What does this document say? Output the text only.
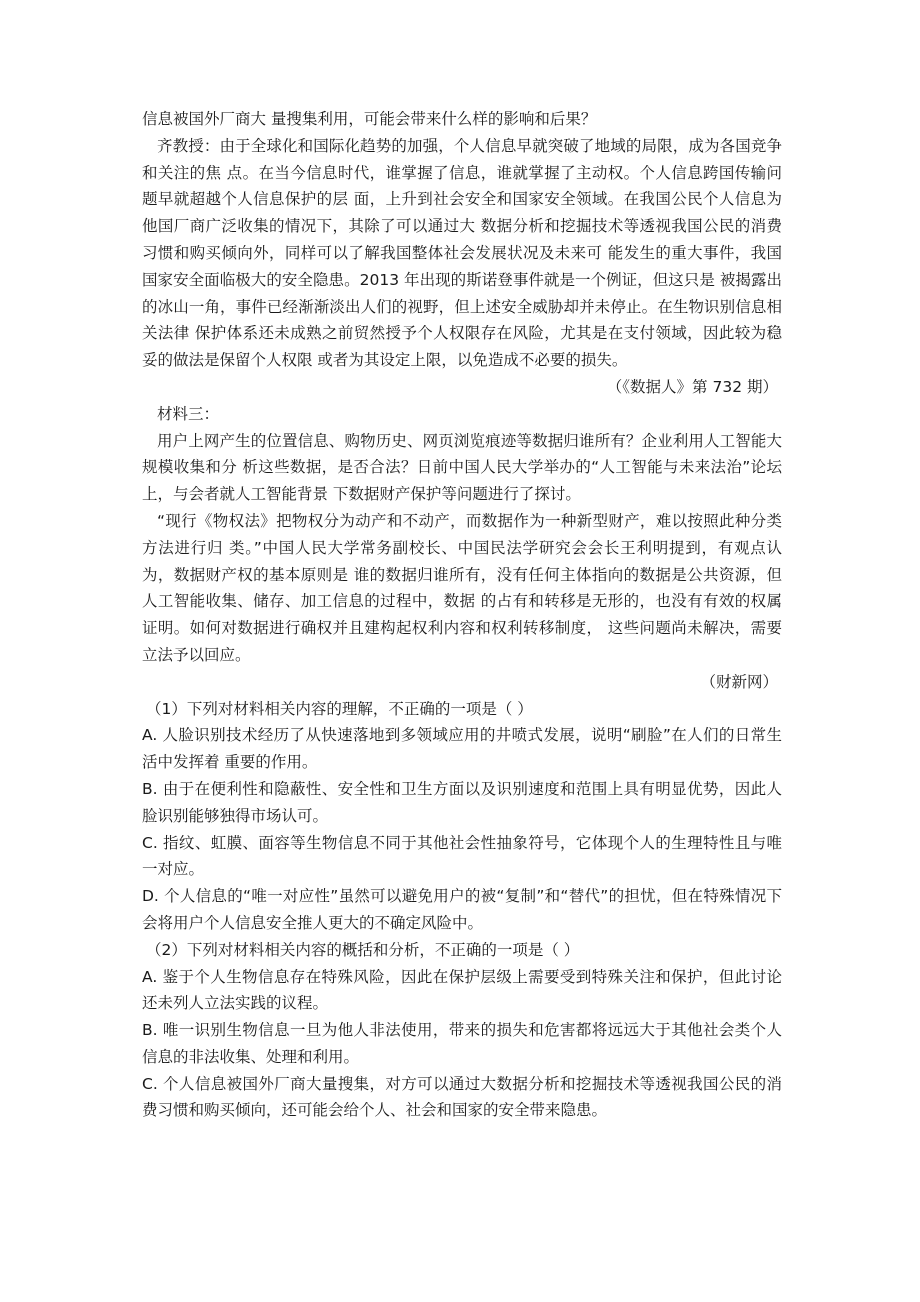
信息被国外厂商大 量搜集利用，可能会带来什么样的影响和后果？

齐教授：由于全球化和国际化趋势的加强，个人信息早就突破了地域的局限，成为各国竞争和关注的焦 点。在当今信息时代，谁掌握了信息，谁就掌握了主动权。个人信息跨国传输问题早就超越个人信息保护的层 面，上升到社会安全和国家安全领域。在我国公民个人信息为他国厂商广泛收集的情况下，其除了可以通过大 数据分析和挖掘技术等透视我国公民的消费习惯和购买倾向外，同样可以了解我国整体社会发展状况及未来可 能发生的重大事件，我国国家安全面临极大的安全隐患。2013 年出现的斯诺登事件就是一个例证，但这只是 被揭露出的冰山一角，事件已经渐渐淡出人们的视野，但上述安全威胁却并未停止。在生物识别信息相关法律 保护体系还未成熟之前贸然授予个人权限存在风险，尤其是在支付领域，因此较为稳妥的做法是保留个人权限 或者为其设定上限，以免造成不必要的损失。

（《数据人》第 732 期）

材料三：

用户上网产生的位置信息、购物历史、网页浏览痕迹等数据归谁所有？企业利用人工智能大规模收集和分 析这些数据，是否合法？日前中国人民大学举办的“人工智能与未来法治”论坛上，与会者就人工智能背景 下数据财产保护等问题进行了探讨。

“现行《物权法》把物权分为动产和不动产，而数据作为一种新型财产，难以按照此种分类方法进行归 类。”中国人民大学常务副校长、中国民法学研究会会长王利明提到，有观点认为，数据财产权的基本原则是 谁的数据归谁所有，没有任何主体指向的数据是公共资源，但人工智能收集、储存、加工信息的过程中，数据 的占有和转移是无形的，也没有有效的权属证明。如何对数据进行确权并且建构起权利内容和权利转移制度， 这些问题尚未解决，需要立法予以回应。

（财新网）

（1）下列对材料相关内容的理解，不正确的一项是（ ）

A. 人脸识别技术经历了从快速落地到多领域应用的井喷式发展，说明“刷脸”在人们的日常生活中发挥着 重要的作用。

B. 由于在便利性和隐蔽性、安全性和卫生方面以及识别速度和范围上具有明显优势，因此人脸识别能够独得市场认可。

C. 指纹、虹膜、面容等生物信息不同于其他社会性抽象符号，它体现个人的生理特性且与唯一对应。

D. 个人信息的“唯一对应性”虽然可以避免用户的被“复制”和“替代”的担忧，但在特殊情况下会将用户个人信息安全推人更大的不确定风险中。

（2）下列对材料相关内容的概括和分析，不正确的一项是（ ）

A. 鉴于个人生物信息存在特殊风险，因此在保护层级上需要受到特殊关注和保护，但此讨论还未列人立法实践的议程。

B. 唯一识别生物信息一旦为他人非法使用，带来的损失和危害都将远远大于其他社会类个人信息的非法收集、处理和利用。

C. 个人信息被国外厂商大量搜集，对方可以通过大数据分析和挖掘技术等透视我国公民的消费习惯和购买倾向，还可能会给个人、社会和国家的安全带来隐患。
